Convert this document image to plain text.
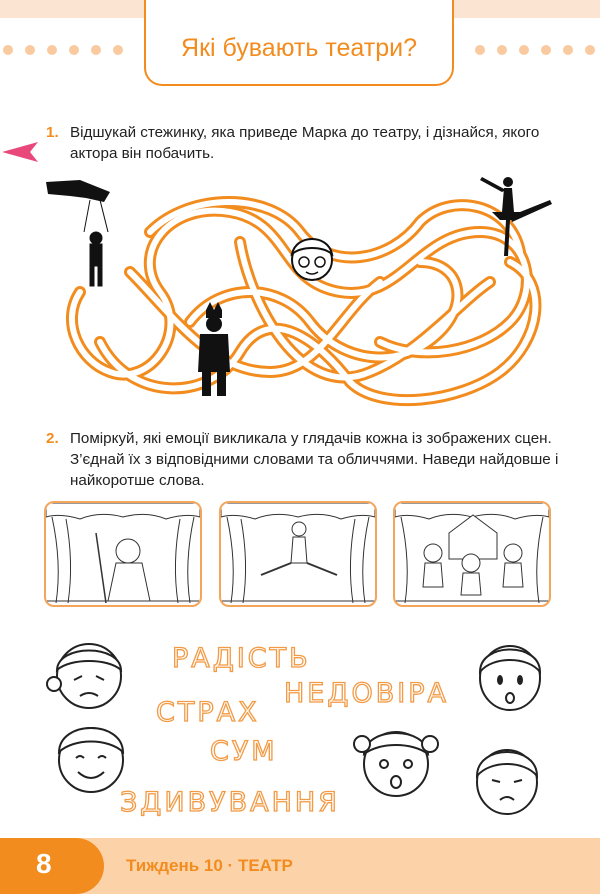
Які бувають театри?
1. Відшукай стежинку, яка приведе Марка до театру, і дізнайся, якого актора він побачить.
2. Поміркуй, які емоції викликала у глядачів кожна із зображених сцен. З’єднай їх з відповідними словами та обличчями. Наведи найдовше і найкоротше слова.
РАДІСТЬ
НЕДОВІРА
СТРАХ
СУМ
ЗДИВУВАННЯ
8	Тиждень 10 · ТЕАТР
